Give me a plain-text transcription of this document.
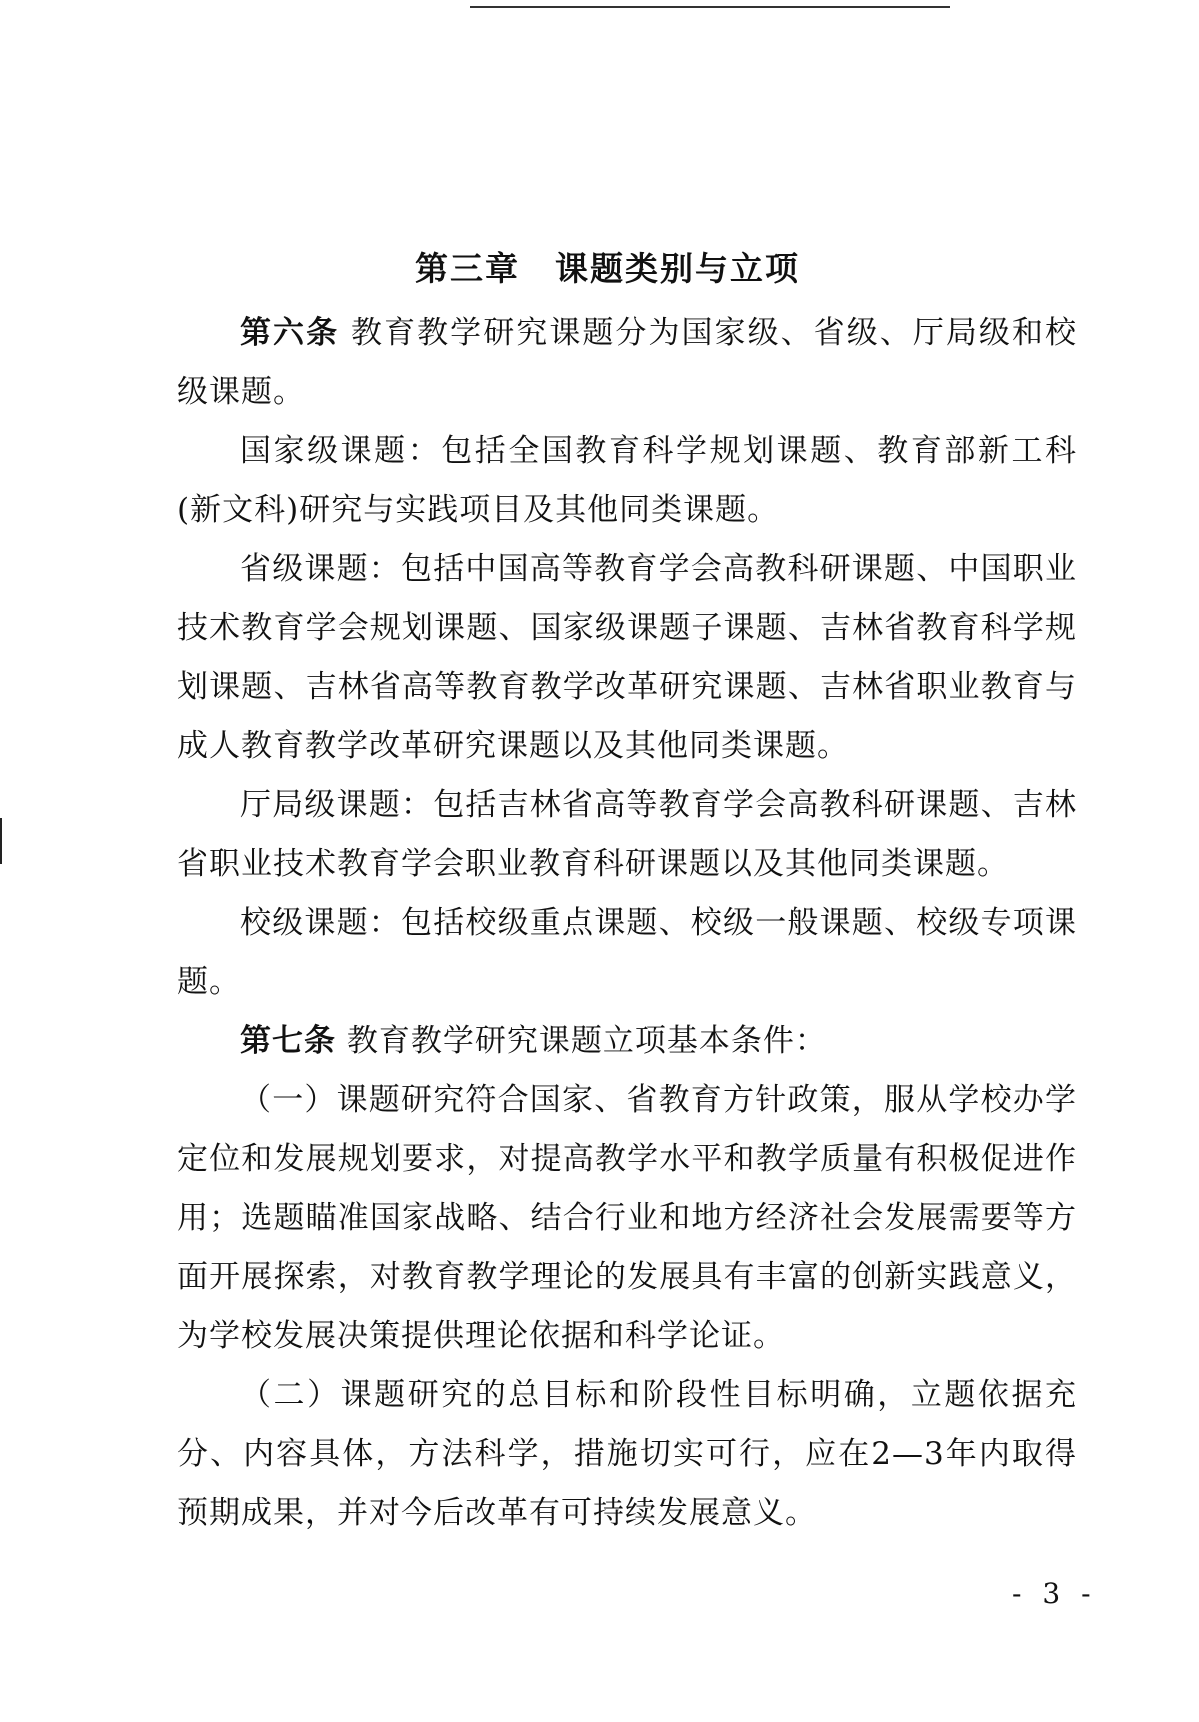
第三章　课题类别与立项

第六条 教育教学研究课题分为国家级、省级、厅局级和校级课题。

国家级课题：包括全国教育科学规划课题、教育部新工科(新文科)研究与实践项目及其他同类课题。

省级课题：包括中国高等教育学会高教科研课题、中国职业技术教育学会规划课题、国家级课题子课题、吉林省教育科学规划课题、吉林省高等教育教学改革研究课题、吉林省职业教育与成人教育教学改革研究课题以及其他同类课题。

厅局级课题：包括吉林省高等教育学会高教科研课题、吉林省职业技术教育学会职业教育科研课题以及其他同类课题。

校级课题：包括校级重点课题、校级一般课题、校级专项课题。

第七条 教育教学研究课题立项基本条件：

（一）课题研究符合国家、省教育方针政策，服从学校办学定位和发展规划要求，对提高教学水平和教学质量有积极促进作用；选题瞄准国家战略、结合行业和地方经济社会发展需要等方面开展探索，对教育教学理论的发展具有丰富的创新实践意义，为学校发展决策提供理论依据和科学论证。

（二）课题研究的总目标和阶段性目标明确，立题依据充分、内容具体，方法科学，措施切实可行，应在2—3年内取得预期成果，并对今后改革有可持续发展意义。

- 3 -
